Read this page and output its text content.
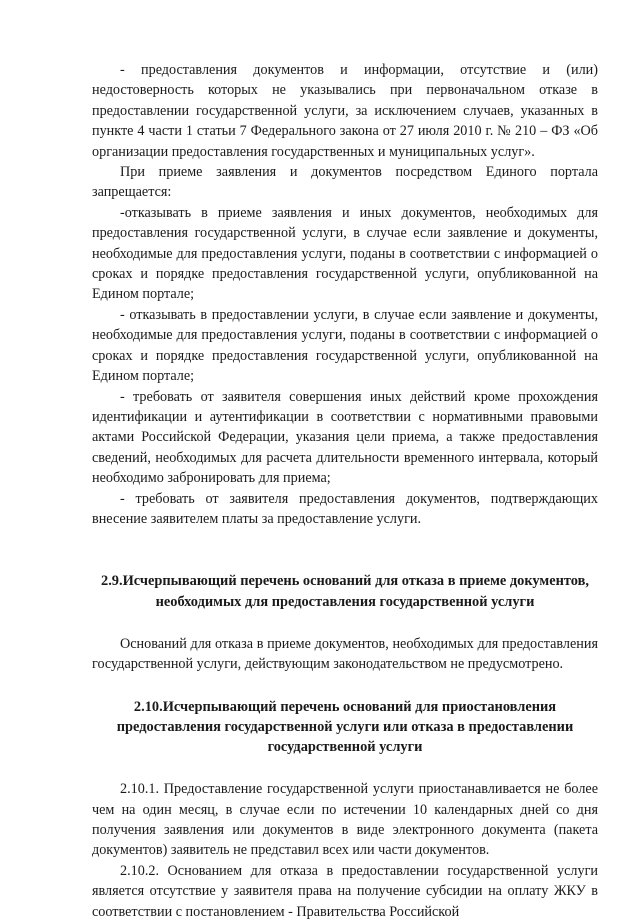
- предоставления документов и информации, отсутствие и (или) недостоверность которых не указывались при первоначальном отказе в предоставлении государственной услуги, за исключением случаев, указанных в пункте 4 части 1 статьи 7 Федерального закона от 27 июля 2010 г. № 210 – ФЗ «Об организации предоставления государственных и муниципальных услуг».

При приеме заявления и документов посредством Единого портала запрещается:

-отказывать в приеме заявления и иных документов, необходимых для предоставления государственной услуги, в случае если заявление и документы, необходимые для предоставления услуги, поданы в соответствии с информацией о сроках и порядке предоставления государственной услуги, опубликованной на Едином портале;

- отказывать в предоставлении услуги, в случае если заявление и документы, необходимые для предоставления услуги, поданы в соответствии с информацией о сроках и порядке предоставления государственной услуги, опубликованной на Едином портале;

- требовать от заявителя совершения иных действий кроме прохождения идентификации и аутентификации в соответствии с нормативными правовыми актами Российской Федерации, указания цели приема, а также предоставления сведений, необходимых для расчета длительности временного интервала, который необходимо забронировать для приема;

- требовать от заявителя предоставления документов, подтверждающих внесение заявителем платы за предоставление услуги.

2.9.Исчерпывающий перечень оснований для отказа в приеме документов, необходимых для предоставления государственной услуги

Оснований для отказа в приеме документов, необходимых для предоставления государственной услуги, действующим законодательством не предусмотрено.

2.10.Исчерпывающий перечень оснований для приостановления предоставления государственной услуги или отказа в предоставлении государственной услуги

2.10.1. Предоставление государственной услуги приостанавливается не более чем на один месяц, в случае если по истечении 10 календарных дней со дня получения заявления или документов в виде электронного документа (пакета документов) заявитель не представил всех или части документов.

2.10.2. Основанием для отказа в предоставлении государственной услуги является отсутствие у заявителя права на получение субсидии на оплату ЖКУ в соответствии с постановлением - Правительства Российской
